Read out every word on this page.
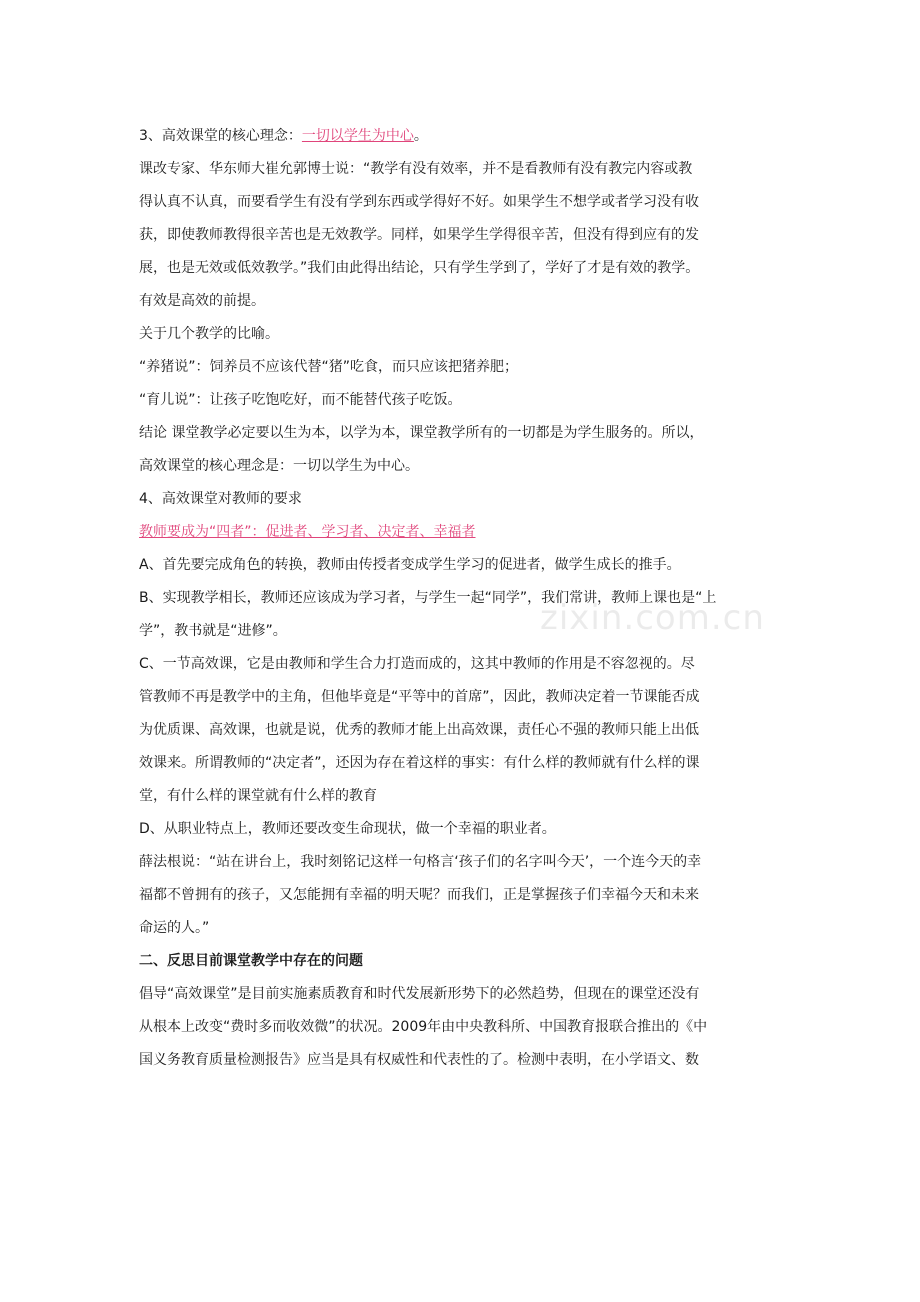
3、高效课堂的核心理念：一切以学生为中心。

课改专家、华东师大崔允郭博士说：“教学有没有效率，并不是看教师有没有教完内容或教

得认真不认真，而要看学生有没有学到东西或学得好不好。如果学生不想学或者学习没有收

获，即使教师教得很辛苦也是无效教学。同样，如果学生学得很辛苦，但没有得到应有的发

展，也是无效或低效教学。”我们由此得出结论，只有学生学到了，学好了才是有效的教学。

有效是高效的前提。

关于几个教学的比喻。

“养猪说”：饲养员不应该代替“猪”吃食，而只应该把猪养肥；

“育儿说”：让孩子吃饱吃好，而不能替代孩子吃饭。

结论 课堂教学必定要以生为本，以学为本，课堂教学所有的一切都是为学生服务的。所以，

高效课堂的核心理念是：一切以学生为中心。

4、高效课堂对教师的要求

教师要成为“四者”：促进者、学习者、决定者、幸福者

A、首先要完成角色的转换，教师由传授者变成学生学习的促进者，做学生成长的推手。

B、实现教学相长，教师还应该成为学习者，与学生一起“同学”，我们常讲，教师上课也是“上

学”，教书就是“进修”。

C、一节高效课，它是由教师和学生合力打造而成的，这其中教师的作用是不容忽视的。尽

管教师不再是教学中的主角，但他毕竟是“平等中的首席”，因此，教师决定着一节课能否成

为优质课、高效课，也就是说，优秀的教师才能上出高效课，责任心不强的教师只能上出低

效课来。所谓教师的“决定者”，还因为存在着这样的事实：有什么样的教师就有什么样的课

堂，有什么样的课堂就有什么样的教育

D、从职业特点上，教师还要改变生命现状，做一个幸福的职业者。

薛法根说：“站在讲台上，我时刻铭记这样一句格言‘孩子们的名字叫今天’，一个连今天的幸

福都不曾拥有的孩子，又怎能拥有幸福的明天呢？而我们，正是掌握孩子们幸福今天和未来

命运的人。”

二、反思目前课堂教学中存在的问题

倡导“高效课堂”是目前实施素质教育和时代发展新形势下的必然趋势，但现在的课堂还没有

从根本上改变“费时多而收效微”的状况。2009年由中央教科所、中国教育报联合推出的《中

国义务教育质量检测报告》应当是具有权威性和代表性的了。检测中表明，在小学语文、数

zixin.com.cn
